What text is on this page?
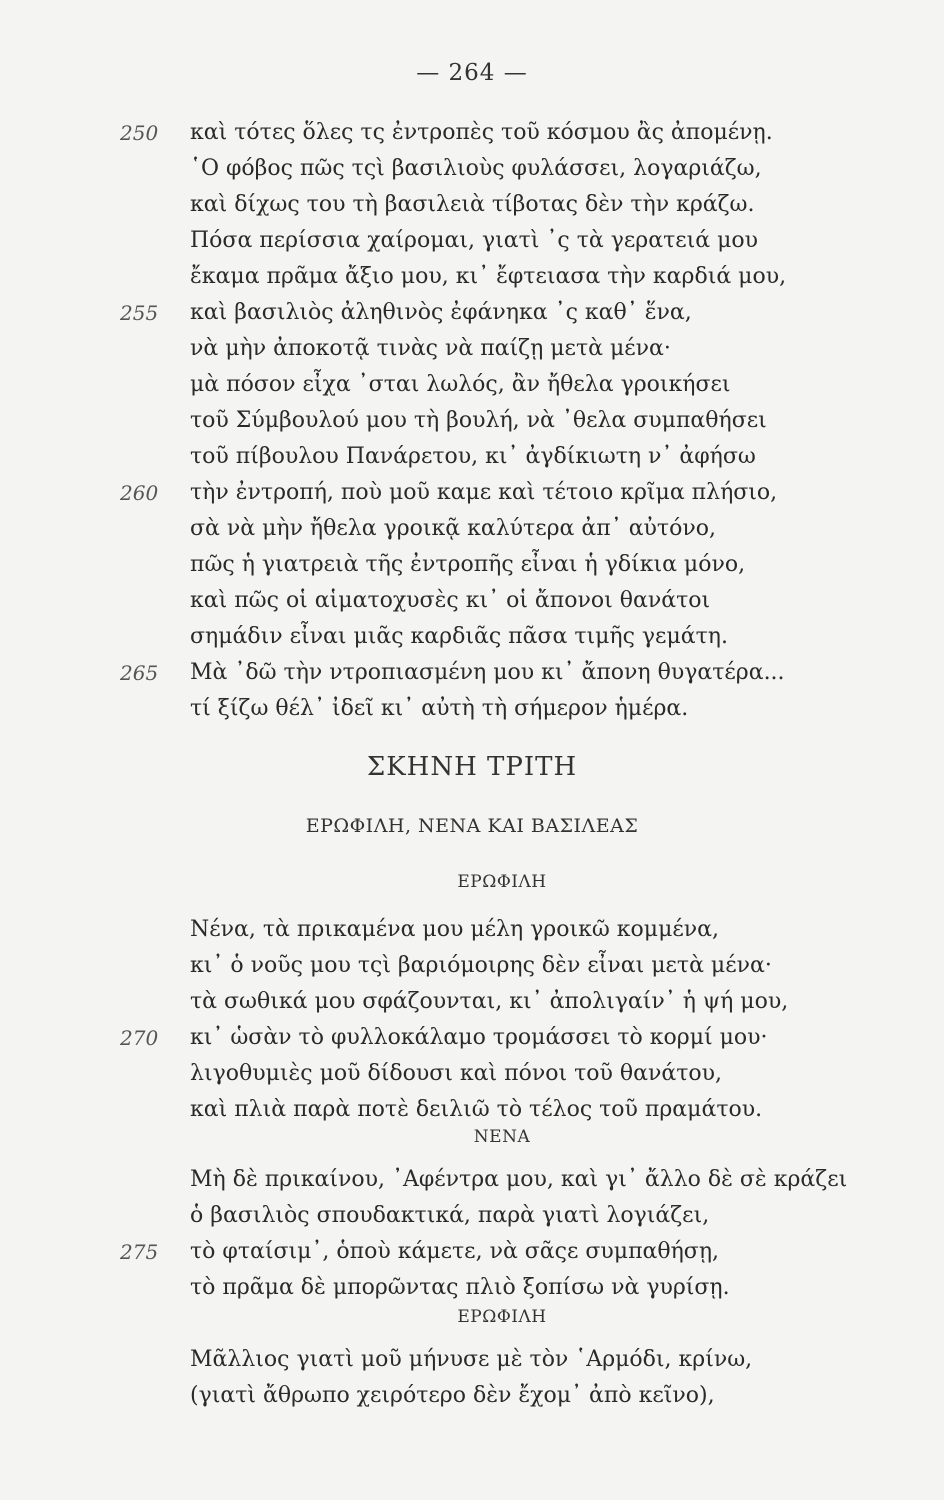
— 264 —
250 καὶ τότες ὅλες τς ἐντροπὲς τοῦ κόσμου ἂς ἀπομένῃ.
῾Ο φόβος πῶς τςὶ βασιλιοὺς φυλάσσει, λογαριάζω,
καὶ δίχως του τὴ βασιλειὰ τίβοτας δὲν τὴν κράζω.
Πόσα περίσσια χαίρομαι, γιατὶ ᾽ς τὰ γερατειά μου
ἔκαμα πρᾶμα ἄξιο μου, κι᾽ ἔφτειασα τὴν καρδιά μου,
255 καὶ βασιλιὸς ἀληθινὸς ἐφάνηκα ᾽ς καθ᾽ ἕνα,
νὰ μὴν ἀποκοτᾷ τινὰς νὰ παίζῃ μετὰ μένα·
μὰ πόσον εἶχα ᾽σται λωλός, ἂν ἤθελα γροικήσει
τοῦ Σύμβουλού μου τὴ βουλή, νὰ ᾽θελα συμπαθήσει
τοῦ πίβουλου Πανάρετου, κι᾽ ἀγδίκιωτη ν᾽ ἀφήσω
260 τὴν ἐντροπή, ποὺ μοῦ καμε καὶ τέτοιο κρῖμα πλήσιο,
σὰ νὰ μὴν ἤθελα γροικᾷ καλύτερα ἀπ᾽ αὐτόνο,
πῶς ἡ γιατρειὰ τῆς ἐντροπῆς εἶναι ἡ γδίκια μόνο,
καὶ πῶς οἱ αἱματοχυσὲς κι᾽ οἱ ἄπονοι θανάτοι
σημάδιν εἶναι μιᾶς καρδιᾶς πᾶσα τιμῆς γεμάτη.
265 Μὰ ᾽δῶ τὴν ντροπιασμένη μου κι᾽ ἄπονη θυγατέρα...
τί ξίζω θέλ᾽ ἰδεῖ κι᾽ αὐτὴ τὴ σήμερον ἡμέρα.
ΣΚΗΝΗ ΤΡΙΤΗ
ΕΡΩΦΙΛΗ, ΝΕΝΑ ΚΑΙ ΒΑΣΙΛΕΑΣ
ΕΡΩΦΙΛΗ
Νένα, τὰ πρικαμένα μου μέλη γροικῶ κομμένα,
κι᾽ ὁ νοῦς μου τςὶ βαριόμοιρης δὲν εἶναι μετὰ μένα·
τὰ σωθικά μου σφάζουνται, κι᾽ ἀπολιγαίν᾽ ἡ ψή μου,
270 κι᾽ ὡσὰν τὸ φυλλοκάλαμο τρομάσσει τὸ κορμί μου·
λιγοθυμιὲς μοῦ δίδουσι καὶ πόνοι τοῦ θανάτου,
καὶ πλιὰ παρὰ ποτὲ δειλιῶ τὸ τέλος τοῦ πραμάτου.
ΝΕΝΑ
Μὴ δὲ πρικαίνου, ᾽Αφέντρα μου, καὶ γι᾽ ἄλλο δὲ σὲ κράζει
ὁ βασιλιὸς σπουδακτικά, παρὰ γιατὶ λογιάζει,
275 τὸ φταίσιμ᾽, ὁποὺ κάμετε, νὰ σᾶςε συμπαθήσῃ,
τὸ πρᾶμα δὲ μπορῶντας πλιὸ ξοπίσω νὰ γυρίσῃ.
ΕΡΩΦΙΛΗ
Μᾶλλιος γιατὶ μοῦ μήνυσε μὲ τὸν ῾Αρμόδι, κρίνω,
(γιατὶ ἄθρωπο χειρότερο δὲν ἔχομ᾽ ἀπὸ κεῖνο),
